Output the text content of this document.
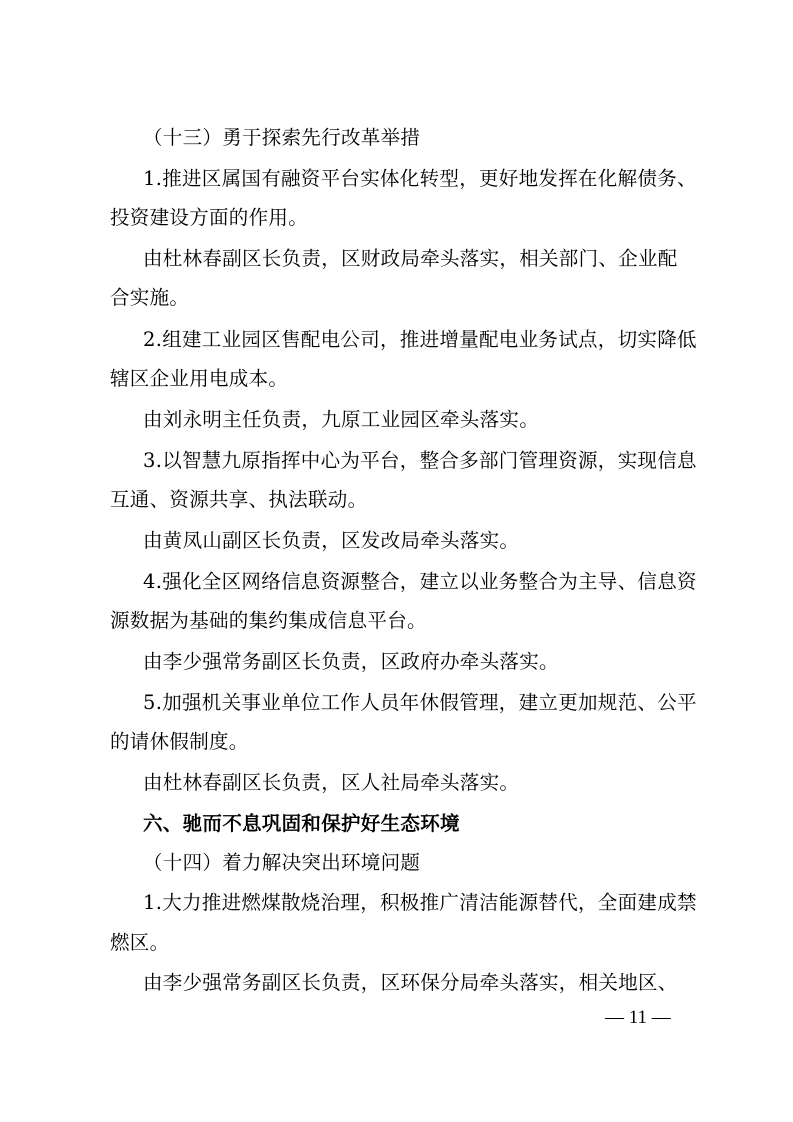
（十三）勇于探索先行改革举措

1.推进区属国有融资平台实体化转型，更好地发挥在化解债务、

投资建设方面的作用。

由杜林春副区长负责，区财政局牵头落实，相关部门、企业配

合实施。

2.组建工业园区售配电公司，推进增量配电业务试点，切实降低

辖区企业用电成本。

由刘永明主任负责，九原工业园区牵头落实。

3.以智慧九原指挥中心为平台，整合多部门管理资源，实现信息

互通、资源共享、执法联动。

由黄凤山副区长负责，区发改局牵头落实。

4.强化全区网络信息资源整合，建立以业务整合为主导、信息资

源数据为基础的集约集成信息平台。

由李少强常务副区长负责，区政府办牵头落实。

5.加强机关事业单位工作人员年休假管理，建立更加规范、公平

的请休假制度。

由杜林春副区长负责，区人社局牵头落实。

六、驰而不息巩固和保护好生态环境

（十四）着力解决突出环境问题

1.大力推进燃煤散烧治理，积极推广清洁能源替代，全面建成禁

燃区。

由李少强常务副区长负责，区环保分局牵头落实，相关地区、

— 11 —
